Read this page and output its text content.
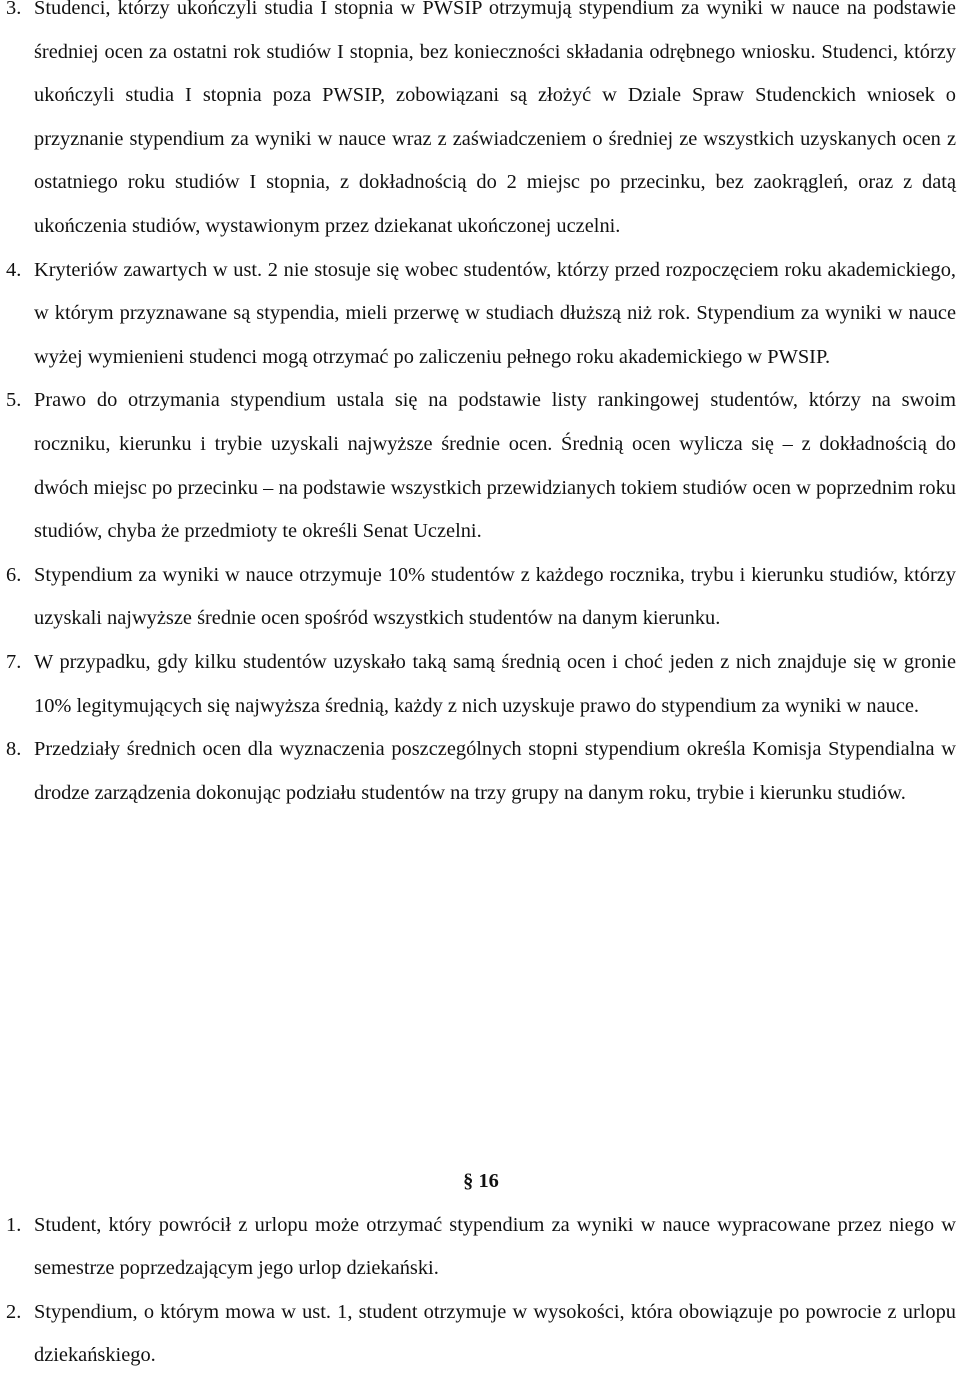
3. Studenci, którzy ukończyli studia I stopnia w PWSIP otrzymują stypendium za wyniki w nauce na podstawie średniej ocen za ostatni rok studiów I stopnia, bez konieczności składania odrębnego wniosku. Studenci, którzy ukończyli studia I stopnia poza PWSIP, zobowiązani są złożyć w Dziale Spraw Studenckich wniosek o przyznanie stypendium za wyniki w nauce wraz z zaświadczeniem o średniej ze wszystkich uzyskanych ocen z ostatniego roku studiów I stopnia, z dokładnością do 2 miejsc po przecinku, bez zaokrągleń, oraz z datą ukończenia studiów, wystawionym przez dziekanat ukończonej uczelni.
4. Kryteriów zawartych w ust. 2 nie stosuje się wobec studentów, którzy przed rozpoczęciem roku akademickiego, w którym przyznawane są stypendia, mieli przerwę w studiach dłuższą niż rok. Stypendium za wyniki w nauce wyżej wymienieni studenci mogą otrzymać po zaliczeniu pełnego roku akademickiego w PWSIP.
5. Prawo do otrzymania stypendium ustala się na podstawie listy rankingowej studentów, którzy na swoim roczniku, kierunku i trybie uzyskali najwyższe średnie ocen. Średnią ocen wylicza się – z dokładnością do dwóch miejsc po przecinku – na podstawie wszystkich przewidzianych tokiem studiów ocen w poprzednim roku studiów, chyba że przedmioty te określi Senat Uczelni.
6. Stypendium za wyniki w nauce otrzymuje 10% studentów z każdego rocznika, trybu i kierunku studiów, którzy uzyskali najwyższe średnie ocen spośród wszystkich studentów na danym kierunku.
7. W przypadku, gdy kilku studentów uzyskało taką samą średnią ocen i choć jeden z nich znajduje się w gronie 10% legitymujących się najwyższa średnią, każdy z nich uzyskuje prawo do stypendium za wyniki w nauce.
8. Przedziały średnich ocen dla wyznaczenia poszczególnych stopni stypendium określa Komisja Stypendialna w drodze zarządzenia dokonując podziału studentów na trzy grupy na danym roku, trybie i kierunku studiów.
§ 16
1. Student, który powrócił z urlopu może otrzymać stypendium za wyniki w nauce wypracowane przez niego w semestrze poprzedzającym jego urlop dziekański.
2. Stypendium, o którym mowa w ust. 1, student otrzymuje w wysokości, która obowiązuje po powrocie z urlopu dziekańskiego.
